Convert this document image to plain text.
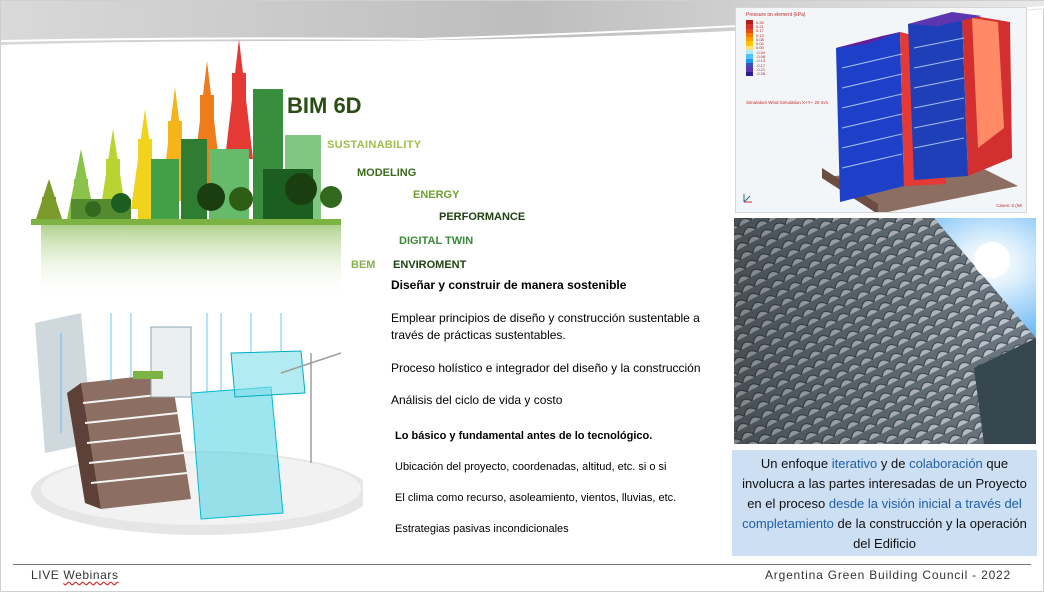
BIM 6D
SUSTAINABILITY
MODELING
ENERGY
PERFORMANCE
DIGITAL TWIN
BEM ENVIROMENT
Pressure on element (kPa)
0.26
0.21
0.17
0.13
0.08
0.04
0.00
-0.04
-0.08
-0.13
-0.17
-0.21
-0.26
Simulation Wind Simulation X+Y+ 20 m/s
Cases: 6 (Wi
Diseñar y construir de manera sostenible
Emplear principios de diseño y construcción sustentable a través de prácticas sustentables.
Proceso holístico e integrador del diseño y la construcción
Análisis del ciclo de vida y costo
Lo básico y fundamental antes de lo tecnológico.
Ubicación del proyecto, coordenadas, altitud, etc. si o si
El clima como recurso, asoleamiento, vientos, lluvias, etc.
Estrategias pasivas incondicionales
Un enfoque iterativo y de colaboración que involucra a las partes interesadas de un Proyecto en el proceso desde la visión inicial a través del completamiento de la construcción y la operación del Edificio
LIVE Webinars	Argentina Green Building Council - 2022
